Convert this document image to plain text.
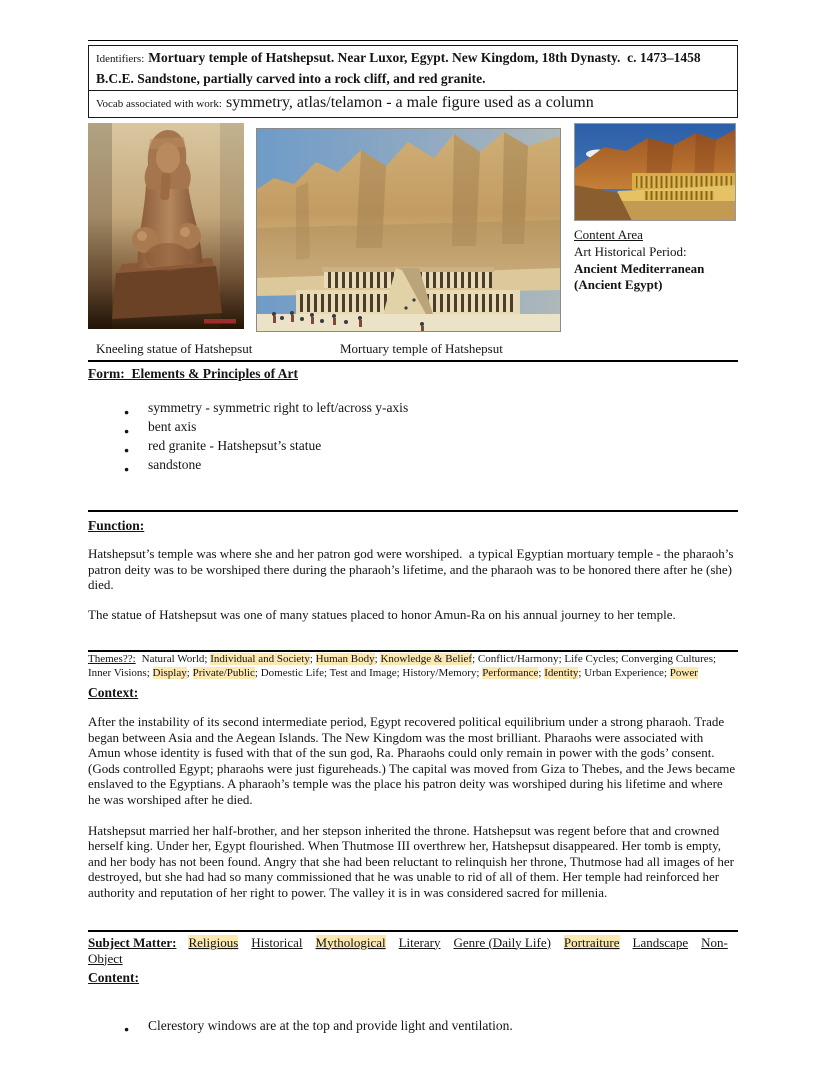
Identifiers: Mortuary temple of Hatshepsut. Near Luxor, Egypt. New Kingdom, 18th Dynasty.  c. 1473–1458 B.C.E. Sandstone, partially carved into a rock cliff, and red granite.
Vocab associated with work: symmetry, atlas/telamon - a male figure used as a column
Content Area
Art Historical Period:
Ancient Mediterranean
(Ancient Egypt)
Kneeling statue of Hatshepsut	Mortuary temple of Hatshepsut
Form:  Elements & Principles of Art
● symmetry - symmetric right to left/across y-axis
● bent axis
● red granite - Hatshepsut’s statue
● sandstone
Function:

Hatshepsut’s temple was where she and her patron god were worshiped.  a typical Egyptian mortuary temple - the pharaoh’s patron deity was to be worshiped there during the pharaoh’s lifetime, and the pharaoh was to be honored there after he (she) died.

The statue of Hatshepsut was one of many statues placed to honor Amun-Ra on his annual journey to her temple.

Themes??: Natural World; Individual and Society; Human Body; Knowledge & Belief; Conflict/Harmony; Life Cycles; Converging Cultures; Inner Visions; Display; Private/Public; Domestic Life; Test and Image; History/Memory; Performance; Identity; Urban Experience; Power
Context:

After the instability of its second intermediate period, Egypt recovered political equilibrium under a strong pharaoh. Trade began between Asia and the Aegean Islands. The New Kingdom was the most brilliant. Pharaohs were associated with Amun whose identity is fused with that of the sun god, Ra. Pharaohs could only remain in power with the gods’ consent. (Gods controlled Egypt; pharaohs were just figureheads.) The capital was moved from Giza to Thebes, and the Jews became enslaved to the Egyptians. A pharaoh’s temple was the place his patron deity was worshiped during his lifetime and where he was worshiped after he died.

Hatshepsut married her half-brother, and her stepson inherited the throne. Hatshepsut was regent before that and crowned herself king. Under her, Egypt flourished. When Thutmose III overthrew her, Hatshepsut disappeared. Her tomb is empty, and her body has not been found. Angry that she had been reluctant to relinquish her throne, Thutmose had all images of her destroyed, but she had had so many commissioned that he was unable to rid of all of them. Her temple had reinforced her authority and reputation of her right to power. The valley it is in was considered sacred for millenia.

Subject Matter: Religious Historical Mythological Literary Genre (Daily Life) Portraiture Landscape Non-Object
Content:
● Clerestory windows are at the top and provide light and ventilation.
